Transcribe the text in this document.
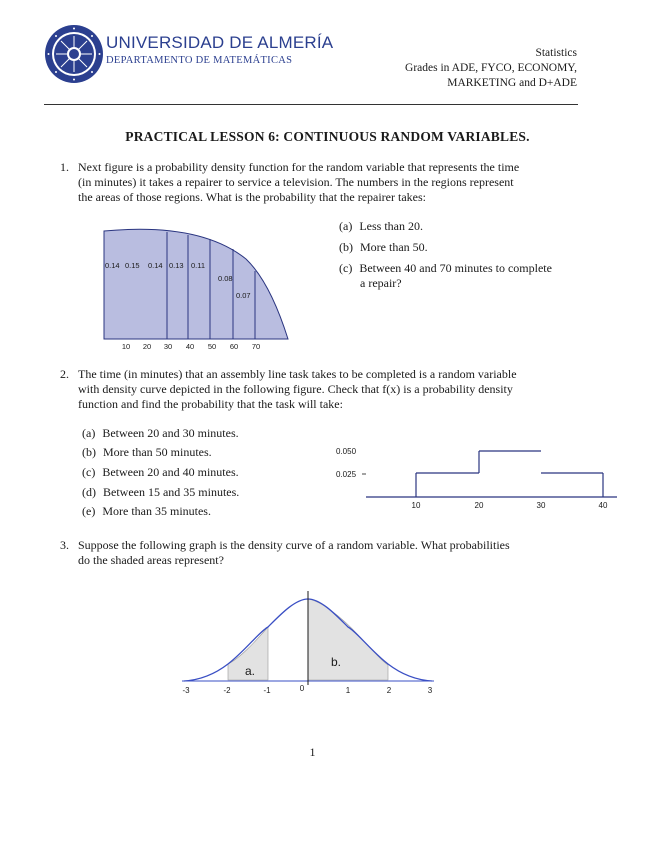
UNIVERSIDAD DE ALMERÍA
DEPARTAMENTO DE MATEMÁTICAS
Statistics
Grades in ADE, FYCO, ECONOMY,
MARKETING and D+ADE
PRACTICAL LESSON 6: CONTINUOUS RANDOM VARIABLES.
1. Next figure is a probability density function for the random variable that represents the time
(in minutes) it takes a repairer to service a television. The numbers in the regions represent
the areas of those regions. What is the probability that the repairer takes:
0.14 0.15 0.14 0.13 0.11
0.08
0.07
10 20 30 40 50 60 70
(a) Less than 20.
(b) More than 50.
(c) Between 40 and 70 minutes to complete
a repair?
2. The time (in minutes) that an assembly line task takes to be completed is a random variable
with density curve depicted in the following figure. Check that f(x) is a probability density
function and find the probability that the task will take:
(a) Between 20 and 30 minutes.
(b) More than 50 minutes.
(c) Between 20 and 40 minutes.
(d) Between 15 and 35 minutes.
(e) More than 35 minutes.
0.050
0.025
10	20	30	40
3. Suppose the following graph is the density curve of a random variable. What probabilities
do the shaded areas represent?
a.
b.
-3	-2	-1	0	1	2	3
1
